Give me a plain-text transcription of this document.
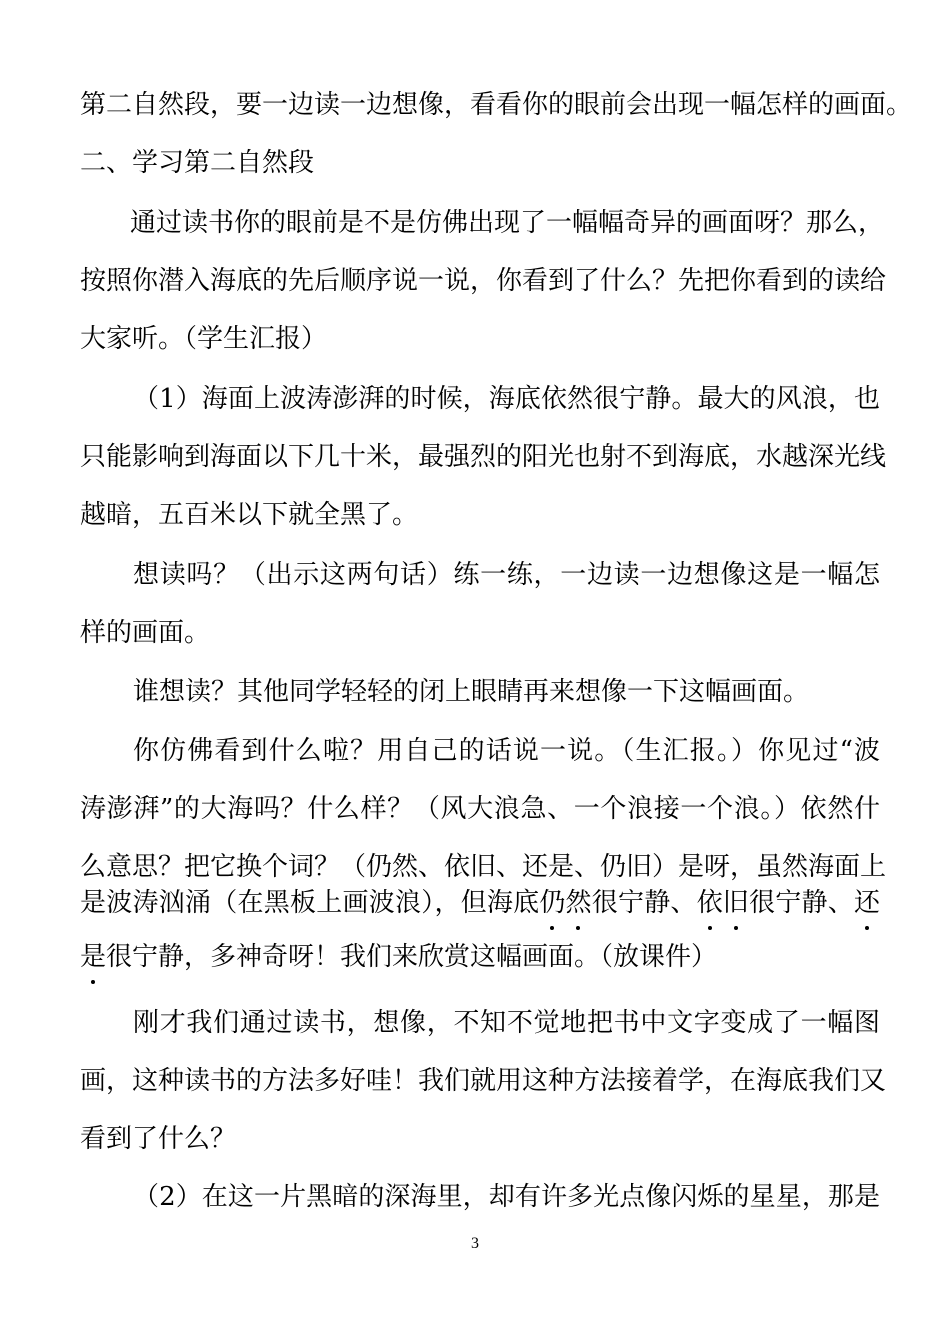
第二自然段，要一边读一边想像，看看你的眼前会出现一幅怎样的画面。
二、学习第二自然段
通过读书你的眼前是不是仿佛出现了一幅幅奇异的画面呀？那么，
按照你潜入海底的先后顺序说一说，你看到了什么？先把你看到的读给
大家听。（学生汇报）
（1）海面上波涛澎湃的时候，海底依然很宁静。最大的风浪，也
只能影响到海面以下几十米，最强烈的阳光也射不到海底，水越深光线
越暗，五百米以下就全黑了。
想读吗？（出示这两句话）练一练，一边读一边想像这是一幅怎
样的画面。
谁想读？其他同学轻轻的闭上眼睛再来想像一下这幅画面。
你仿佛看到什么啦？用自己的话说一说。（生汇报。）你见过“波
涛澎湃”的大海吗？什么样？（风大浪急、一个浪接一个浪。）依然什
么意思？把它换个词？（仍然、依旧、还是、仍旧）是呀，虽然海面上
是波涛汹涌（在黑板上画波浪），但海底仍然很宁静、依旧很宁静、还
是很宁静，多神奇呀！我们来欣赏这幅画面。（放课件）
刚才我们通过读书，想像，不知不觉地把书中文字变成了一幅图
画，这种读书的方法多好哇！我们就用这种方法接着学，在海底我们又
看到了什么？
（2）在这一片黑暗的深海里，却有许多光点像闪烁的星星，那是
3
